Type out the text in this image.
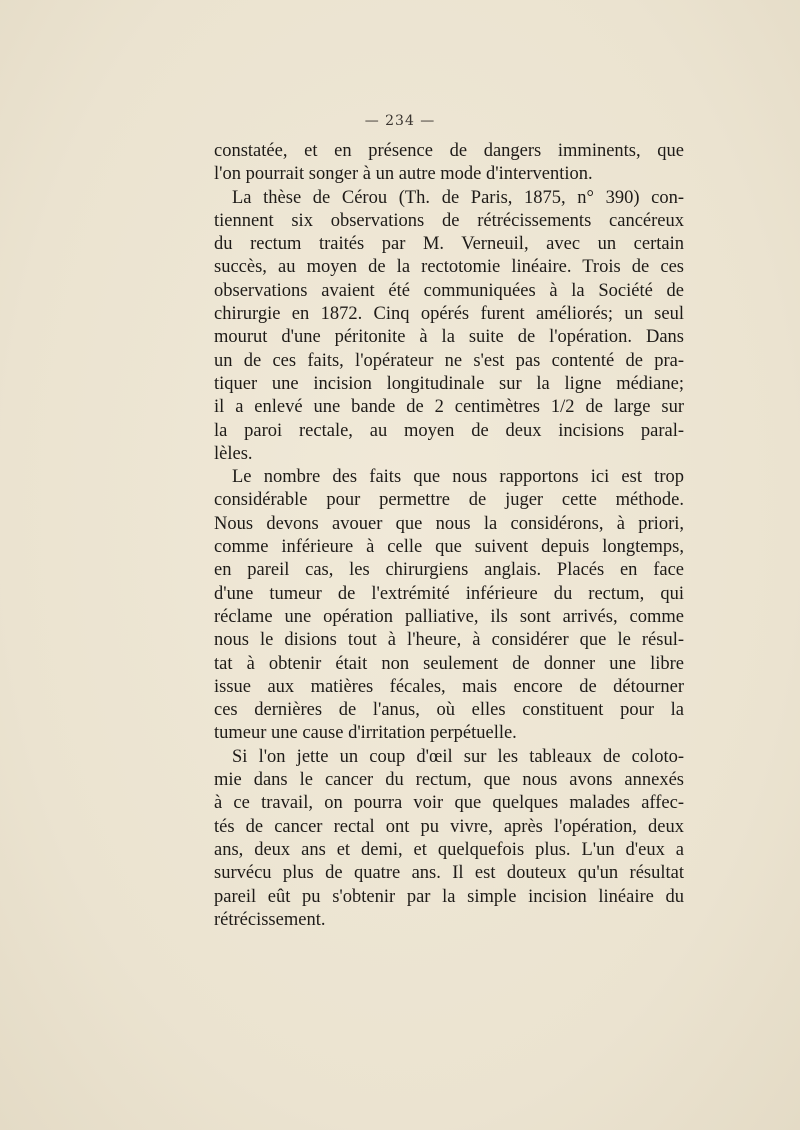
— 234 —
constatée, et en présence de dangers imminents, que
l'on pourrait songer à un autre mode d'intervention.
La thèse de Cérou (Th. de Paris, 1875, n° 390) con-
tiennent six observations de rétrécissements cancéreux
du rectum traités par M. Verneuil, avec un certain
succès, au moyen de la rectotomie linéaire. Trois de ces
observations avaient été communiquées à la Société de
chirurgie en 1872. Cinq opérés furent améliorés; un seul
mourut d'une péritonite à la suite de l'opération. Dans
un de ces faits, l'opérateur ne s'est pas contenté de pra-
tiquer une incision longitudinale sur la ligne médiane;
il a enlevé une bande de 2 centimètres 1/2 de large sur
la paroi rectale, au moyen de deux incisions paral-
lèles.
Le nombre des faits que nous rapportons ici est trop
considérable pour permettre de juger cette méthode.
Nous devons avouer que nous la considérons, à priori,
comme inférieure à celle que suivent depuis longtemps,
en pareil cas, les chirurgiens anglais. Placés en face
d'une tumeur de l'extrémité inférieure du rectum, qui
réclame une opération palliative, ils sont arrivés, comme
nous le disions tout à l'heure, à considérer que le résul-
tat à obtenir était non seulement de donner une libre
issue aux matières fécales, mais encore de détourner
ces dernières de l'anus, où elles constituent pour la
tumeur une cause d'irritation perpétuelle.
Si l'on jette un coup d'œil sur les tableaux de coloto-
mie dans le cancer du rectum, que nous avons annexés
à ce travail, on pourra voir que quelques malades affec-
tés de cancer rectal ont pu vivre, après l'opération, deux
ans, deux ans et demi, et quelquefois plus. L'un d'eux a
survécu plus de quatre ans. Il est douteux qu'un résultat
pareil eût pu s'obtenir par la simple incision linéaire du
rétrécissement.
